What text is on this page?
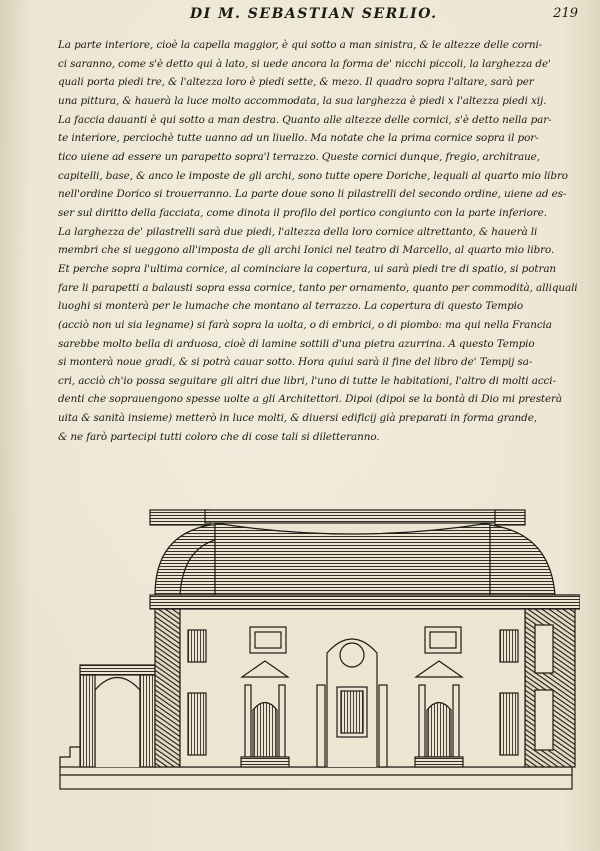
DI M. SEBASTIAN SERLIO.	219
La parte interiore, cioè la capella maggior, è qui sotto a man sinistra, & le altezze delle corni-
ci saranno, come s'è detto qui à lato, si uede ancora la forma de' nicchi piccoli, la larghezza de'
quali porta piedi tre, & l'altezza loro è piedi sette, & mezo. Il quadro sopra l'altare, sarà per
una pittura, & hauerà la luce molto accommodata, la sua larghezza è piedi x l'altezza piedi xij.
La faccia dauanti è qui sotto a man destra. Quanto alle altezze delle cornici, s'è detto nella par-
te interiore, perciochè tutte uanno ad un liuello. Ma notate che la prima cornice sopra il por-
tico uiene ad essere un parapetto sopra'l terrazzo. Queste cornici dunque, fregio, architraue,
capitelli, base, & anco le imposte de gli archi, sono tutte opere Doriche, lequali al quarto mio libro
nell'ordine Dorico si trouerranno. La parte doue sono li pilastrelli del secondo ordine, uiene ad es-
ser sul diritto della facciata, come dinota il profilo del portico congiunto con la parte inferiore.
La larghezza de' pilastrelli sarà due piedi, l'altezza della loro cornice altrettanto, & hauerà li
membri che si ueggono all'imposta de gli archi Ionici nel teatro di Marcello, al quarto mio libro.
Et perche sopra l'ultima cornice, al cominciare la copertura, ui sarà piedi tre di spatio, si potran
fare li parapetti a balausti sopra essa cornice, tanto per ornamento, quanto per commodità, alliquali
luoghi si monterà per le lumache che montano al terrazzo. La copertura di questo Tempio
(acciò non ui sia legname) si farà sopra la uolta, o di embrici, o di piombo: ma qui nella Francia
sarebbe molto bella di arduosa, cioè di lamine sottili d'una pietra azurrina. A questo Tempio
si monterà noue gradi, & si potrà cauar sotto. Hora quiui sarà il fine del libro de' Tempij sa-
cri, acciò ch'io possa seguitare gli altri due libri, l'uno di tutte le habitationi, l'altro di molti acci-
denti che soprauengono spesse uolte a gli Architettori. Dipoi (dipoi se la bontà di Dio mi presterà
uita & sanità insieme) metterò in luce molti, & diuersi edificij già preparati in forma grande,
& ne farò partecipi tutti coloro che di cose tali si diletteranno.
